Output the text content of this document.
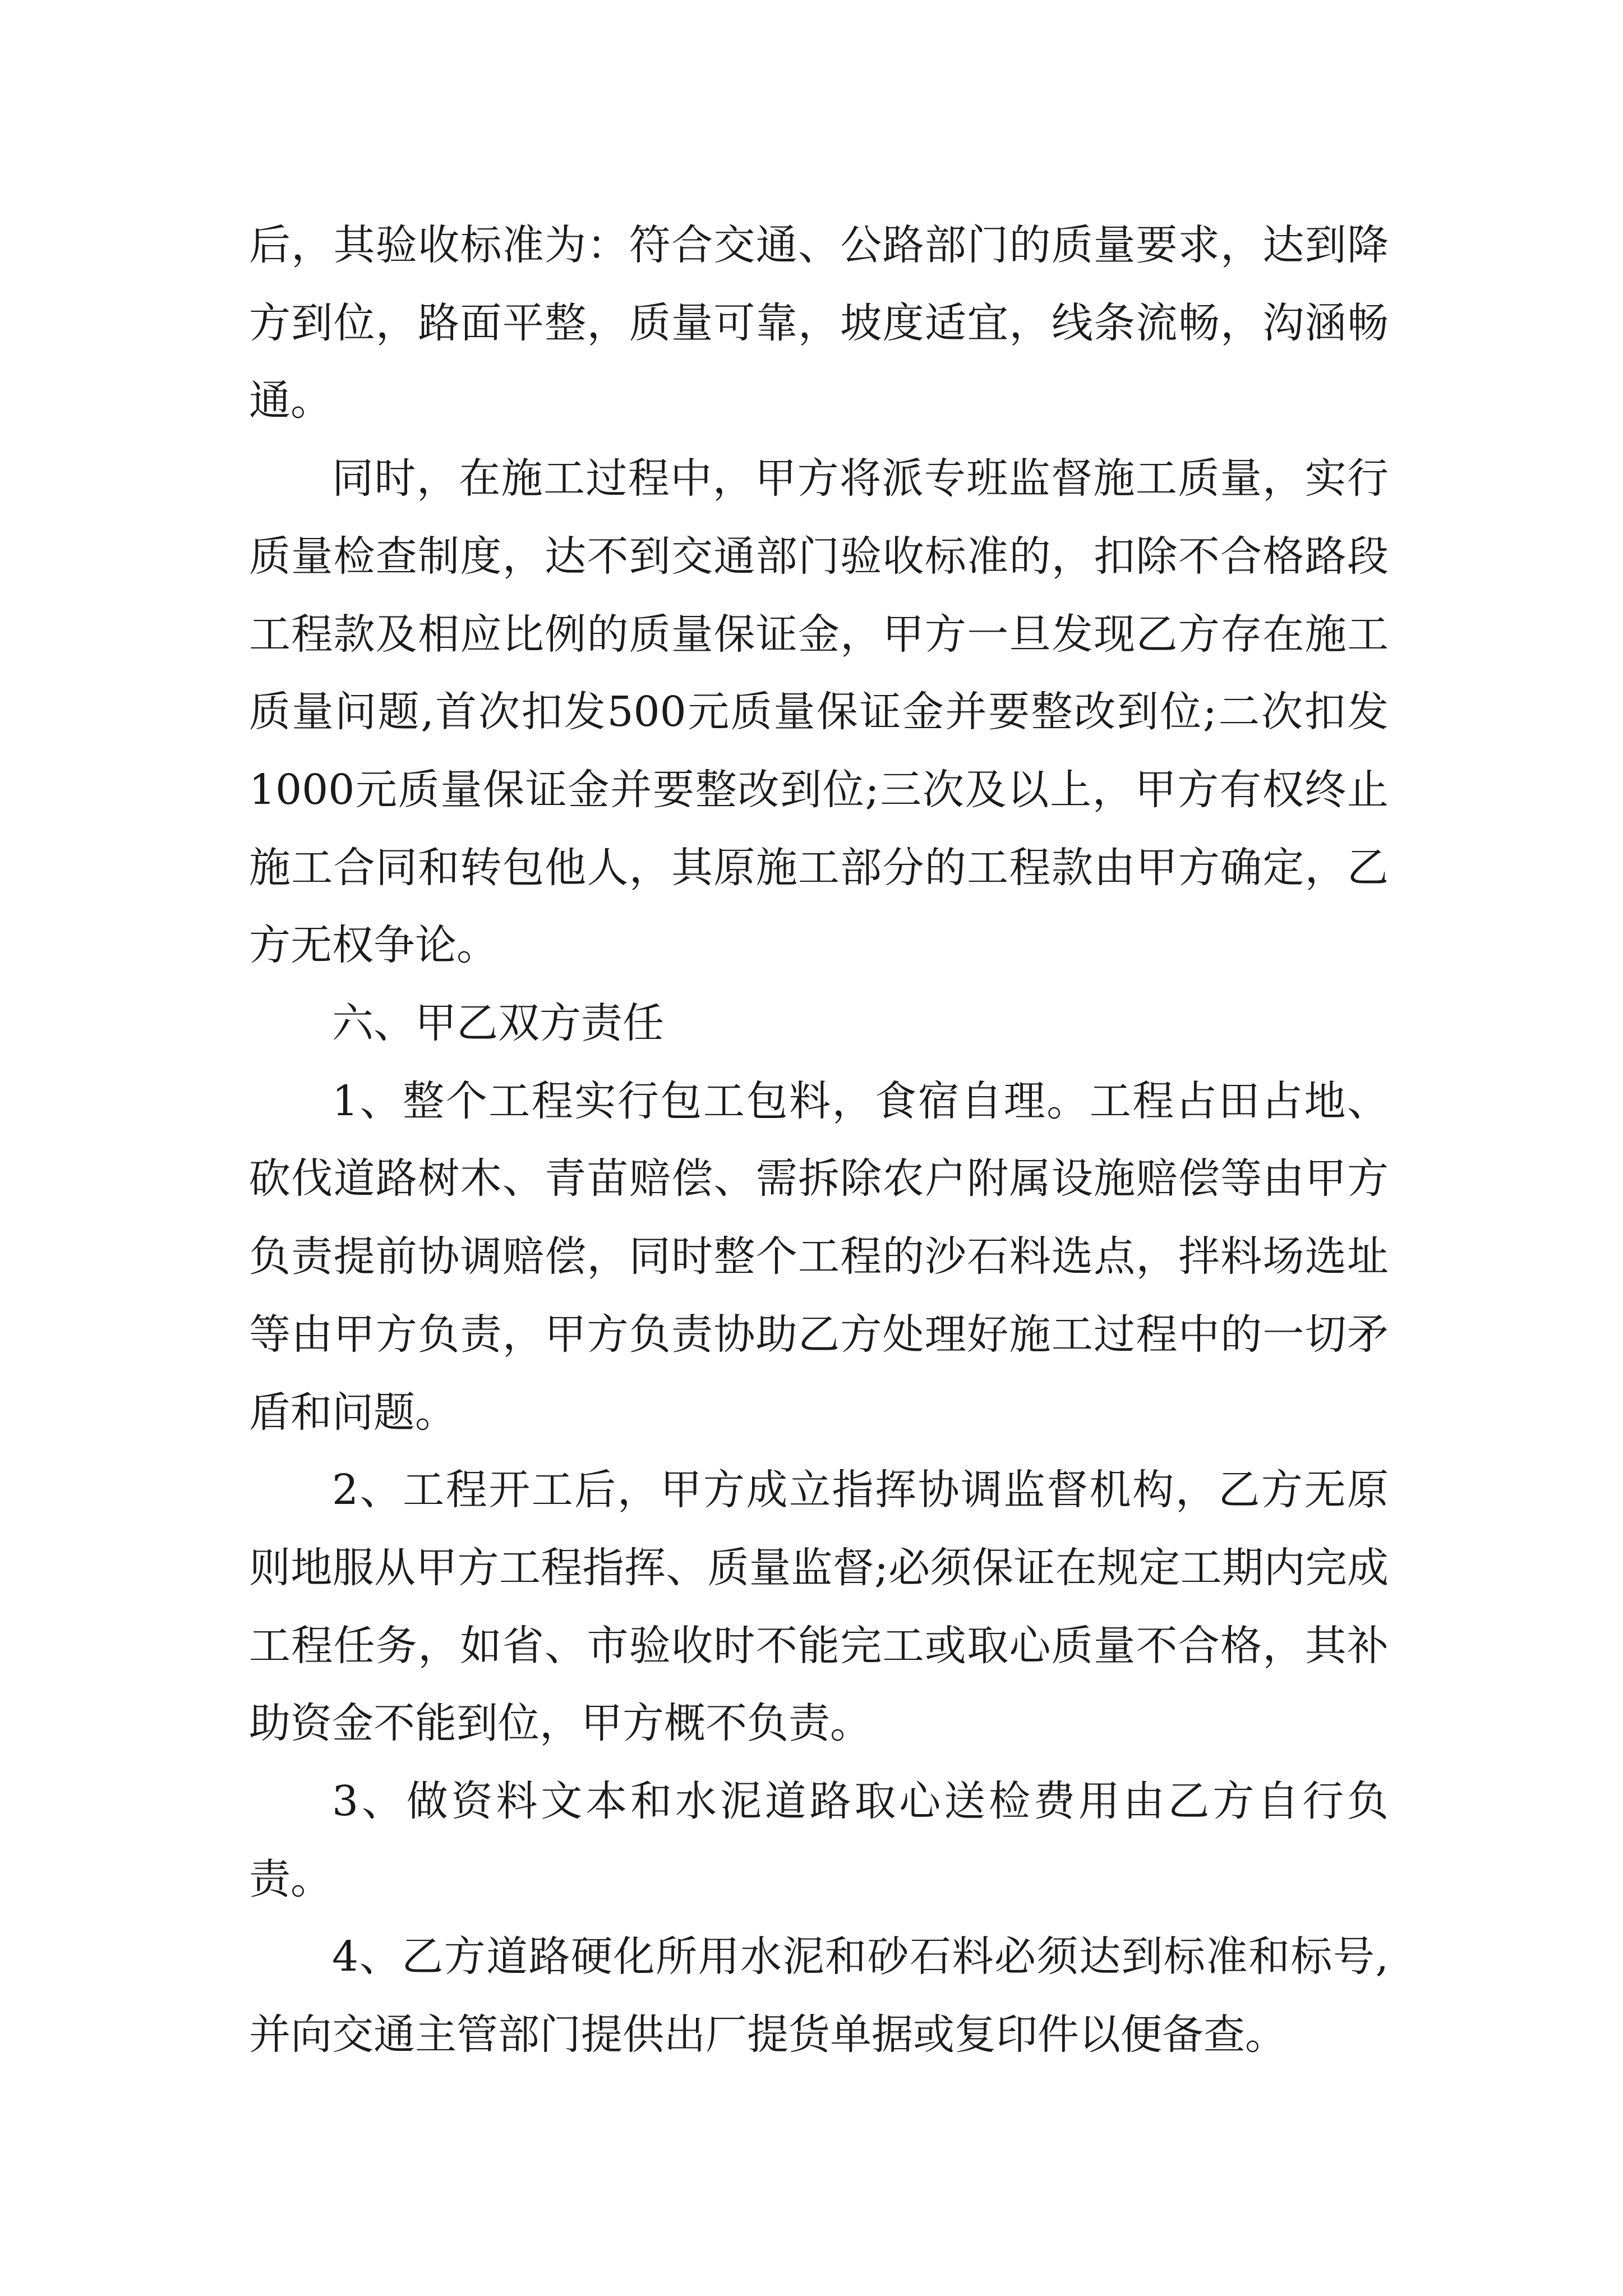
后，其验收标准为：符合交通、公路部门的质量要求，达到降方到位，路面平整，质量可靠，坡度适宜，线条流畅，沟涵畅通。

同时，在施工过程中，甲方将派专班监督施工质量，实行质量检查制度，达不到交通部门验收标准的，扣除不合格路段工程款及相应比例的质量保证金，甲方一旦发现乙方存在施工质量问题,首次扣发500元质量保证金并要整改到位;二次扣发1000元质量保证金并要整改到位;三次及以上，甲方有权终止施工合同和转包他人，其原施工部分的工程款由甲方确定，乙方无权争论。

六、甲乙双方责任

1、整个工程实行包工包料，食宿自理。工程占田占地、砍伐道路树木、青苗赔偿、需拆除农户附属设施赔偿等由甲方负责提前协调赔偿，同时整个工程的沙石料选点，拌料场选址等由甲方负责，甲方负责协助乙方处理好施工过程中的一切矛盾和问题。

2、工程开工后，甲方成立指挥协调监督机构，乙方无原则地服从甲方工程指挥、质量监督;必须保证在规定工期内完成工程任务，如省、市验收时不能完工或取心质量不合格，其补助资金不能到位，甲方概不负责。

3、做资料文本和水泥道路取心送检费用由乙方自行负责。

4、乙方道路硬化所用水泥和砂石料必须达到标准和标号,并向交通主管部门提供出厂提货单据或复印件以便备查。
